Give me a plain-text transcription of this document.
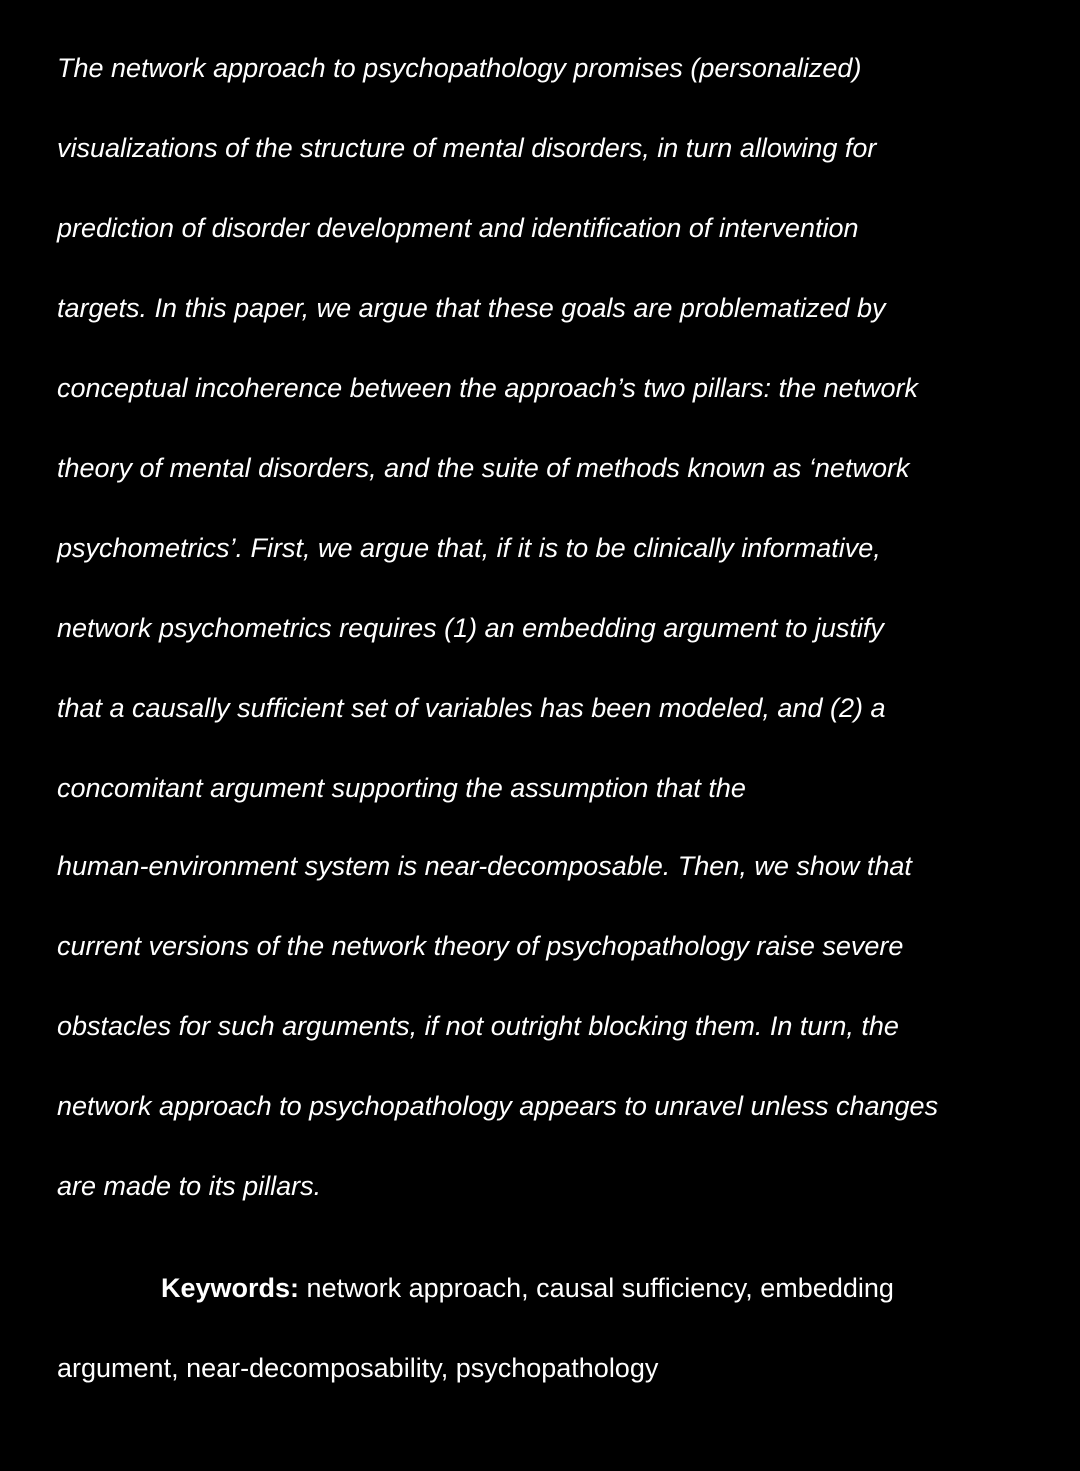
The network approach to psychopathology promises (personalized)
visualizations of the structure of mental disorders, in turn allowing for
prediction of disorder development and identification of intervention
targets. In this paper, we argue that these goals are problematized by
conceptual incoherence between the approach’s two pillars: the network
theory of mental disorders, and the suite of methods known as ‘network
psychometrics’. First, we argue that, if it is to be clinically informative,
network psychometrics requires (1) an embedding argument to justify
that a causally sufficient set of variables has been modeled, and (2) a
concomitant argument supporting the assumption that the
human-environment system is near-decomposable. Then, we show that
current versions of the network theory of psychopathology raise severe
obstacles for such arguments, if not outright blocking them. In turn, the
network approach to psychopathology appears to unravel unless changes
are made to its pillars.
Keywords: network approach, causal sufficiency, embedding
argument, near-decomposability, psychopathology
